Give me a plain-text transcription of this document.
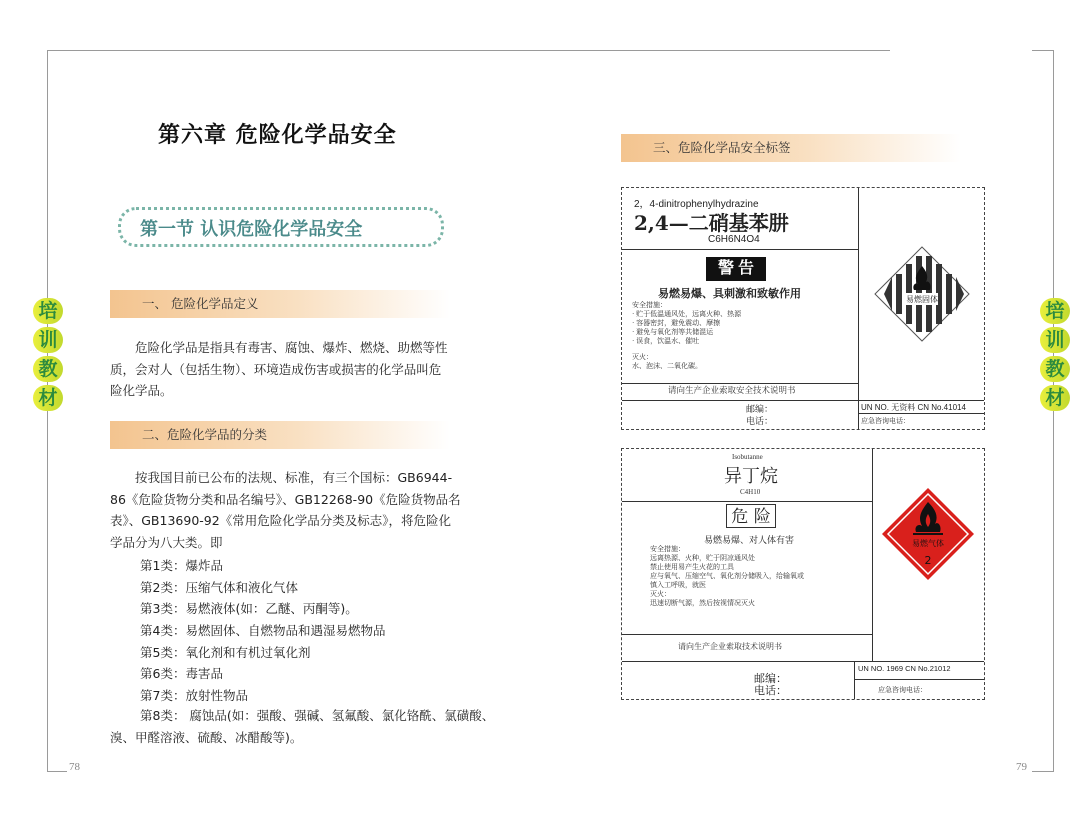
培
训
教
材
培
训
教
材
第六章 危险化学品安全
第一节 认识危险化学品安全
一、 危险化学品定义
危险化学品是指具有毒害、腐蚀、爆炸、燃烧、助燃等性质，会对人（包括生物）、环境造成伤害或损害的化学品叫危险化学品。
二、危险化学品的分类
按我国目前已公布的法规、标准，有三个国标：GB6944-86《危险货物分类和品名编号》、GB12268-90《危险货物品名表》、GB13690-92《常用危险化学品分类及标志》，将危险化学品分为八大类。即
第1类：爆炸品
第2类：压缩气体和液化气体
第3类：易燃液体(如：乙醚、丙酮等)。
第4类：易燃固体、自燃物品和遇湿易燃物品
第5类：氧化剂和有机过氧化剂
第6类：毒害品
第7类：放射性物品
第8类： 腐蚀品(如：强酸、强碱、氢氟酸、氯化铬酰、氯磺酸、溴、甲醛溶液、硫酸、冰醋酸等)。
78
三、危险化学品安全标签
2，4-dinitrophenylhydrazine
2,4—二硝基苯肼
C6H6N4O4
警 告
易燃易爆、具刺激和致敏作用
安全措施：
· 贮于低温通风处，远离火种、热源
· 容器密封，避免震动、摩擦
· 避免与氧化剂等共储混运
· 误食，饮温水、催吐
灭火：
水、泡沫、二氧化碳。
请向生产企业索取安全技术说明书
邮编：
电话：
UN NO. 无资料 CN No.41014
应急咨询电话：
易燃固体
Isobutanne
异丁烷
C4H10
危 险
易燃易爆、对人体有害
安全措施：
远离热源、火种，贮于阴凉通风处
禁止使用易产生火花的工具
应与氧气、压缩空气、氧化剂分储吸入，给输氧或
慎入工呼吸，就医
灭火：
迅速切断气源，然后按视情况灭火
请向生产企业索取技术说明书
邮编：
电话：
UN NO. 1969 CN No.21012
应急咨询电话：
易燃气体
2
79
